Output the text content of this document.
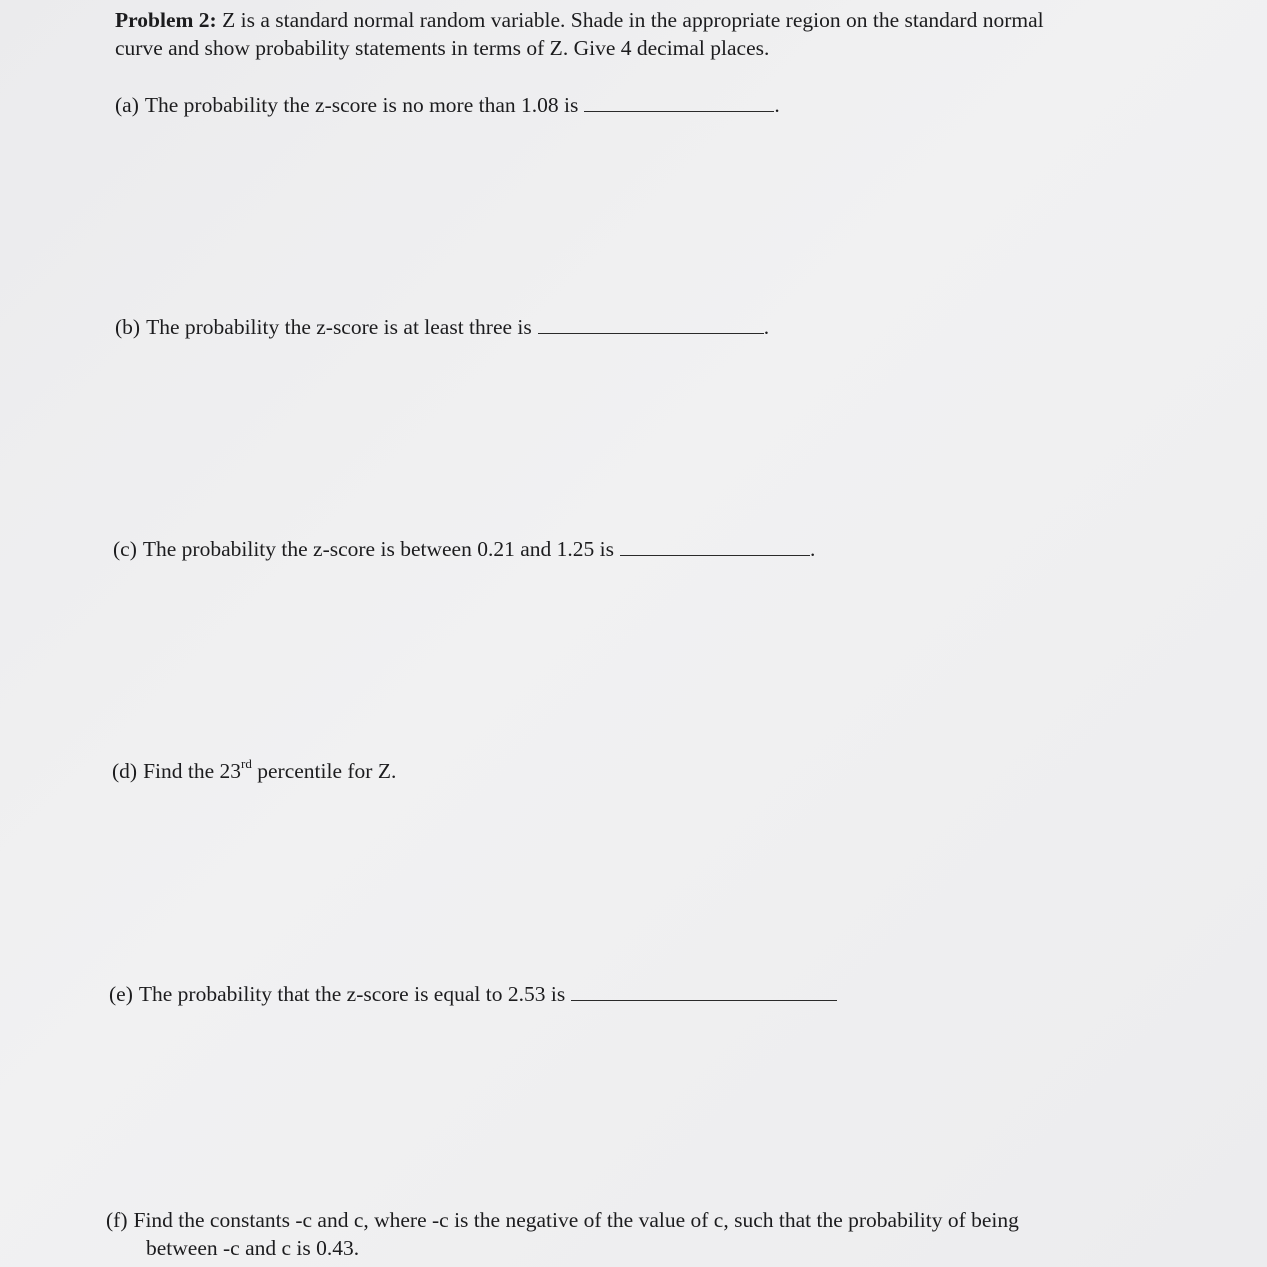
Problem 2: Z is a standard normal random variable. Shade in the appropriate region on the standard normal
curve and show probability statements in terms of Z. Give 4 decimal places.
(a) The probability the z-score is no more than 1.08 is	.
(b) The probability the z-score is at least three is	.
(c) The probability the z-score is between 0.21 and 1.25 is	.
(d) Find the 23rd percentile for Z.
(e) The probability that the z-score is equal to 2.53 is
(f) Find the constants -c and c, where -c is the negative of the value of c, such that the probability of being
between -c and c is 0.43.
